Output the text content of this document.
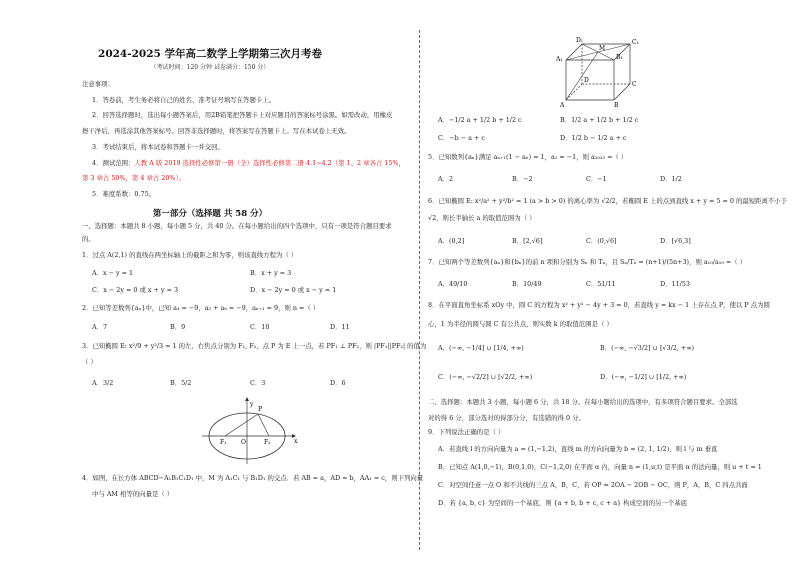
2024-2025 学年高二数学上学期第三次月考卷
（考试时间：120 分钟 试卷满分：150 分）
注意事项：
1．答卷前，考生务必将自己的姓名、准考证号填写在答题卡上。
2．回答选择题时，选出每小题答案后，用2B铅笔把答题卡上对应题目的答案标号涂黑。如需改动，用橡皮
擦干净后，再选涂其他答案标号。回答非选择题时，将答案写在答题卡上。写在本试卷上无效。
3．考试结束后，将本试卷和答题卡一并交回。
4．测试范围：人教 A 版 2019 选择性必修第一册（全）选择性必修第二册 4.1~4.2（第 1、2 章各占 15%，
第 3 章占 50%，第 4 章占 20%）。
5．难度系数：0.75。
第一部分（选择题 共 58 分）
一、选择题：本题共 8 小题，每小题 5 分，共 40 分。在每小题给出的四个选项中，只有一项是符合题目要求
的。
1．过点 A(2,1) 的直线在两坐标轴上的截距之和为零，则该直线方程为（ ）
A．x − y = 1	B．x + y = 3
C．x − 2y = 0 或 x + y = 3	D．x − 2y = 0 或 x − y = 1
2．已知等差数列{aₙ}中，已知 a₄ = −9，a₃ + a₈ = −9，aₙ₊₁ = 9，则 n =（ ）
A．7	B．9	C．10	D．11
3．已知椭圆 E: x²/9 + y²/3 = 1 的左、右焦点分别为 F₁, F₂，点 P 为 E 上一点，若 PF₁ ⊥ PF₂，则 |PF₁||PF₂| 的值为
（ ）
A．3/2	B．5/2	C．3	D．6
y
P
O
F₁	F₂	x
4．如图，在长方体 ABCD−A₁B₁C₁D₁ 中，M 为 A₁C₁ 与 B₁D₁ 的交点．若 AB = a，AD = b，AA₁ = c，则下列向量
中与 AM 相等的向量是（ ）
D₁	C₁
A₁	B₁
M
D
C
A	B
A．−1/2 a + 1/2 b + 1/2 c	B．1/2 a + 1/2 b + 1/2 c
C．−b − a + c	D．1/2 b − 1/2 a + c
5．已知数列{aₙ}满足 aₙ₊₁(1 − aₙ) = 1，a₁ = −1，则 a₂₀₂₅ =（ ）
A．2	B．−2	C．−1	D．1/2
6．已知椭圆 E: x²/a² + y²/b² = 1 (a > b > 0) 的离心率为 √2/2，若椭圆 E 上的点到直线 x + y = 5 = 0 的最短距离不小于
√2，则长半轴长 a 的取值范围为（ ）
A．(0,2]	B．[2,√6]	C．(0,√6]	D．[√6,3]
7．已知两个等差数列{aₙ}和{bₙ}的前 n 项和分别为 Sₙ 和 Tₙ，且 Sₙ/Tₙ = (n+1)/(5n+3)，则 a₁₀/a₁₀ =（ ）
A．49/10	B．10/49	C．51/11	D．11/53
8．在平面直角坐标系 xOy 中，圆 C 的方程为 x² + y² − 4y + 3 = 0，若直线 y = kx − 1 上存在点 P，使以 P 点为圆
心，1 为半径的圆与圆 C 有公共点，则实数 k 的取值范围是（ ）
A．(−∞, −1/4] ∪ [1/4, +∞)	B．(−∞, −√3/2] ∪ [√3/2, +∞)
C．(−∞, −√2/2] ∪ [√2/2, +∞)	D．(−∞, −1/2] ∪ [1/2, +∞)
二、选择题：本题共 3 小题，每小题 6 分，共 18 分。在每小题给出的选项中，有多项符合题目要求。全部选
对的得 6 分，部分选对的得部分分，有选错的得 0 分。
9．下列说法正确的是（ ）
A．若直线 l 的方向向量为 a = (1,−1,2)，直线 m 的方向向量为 b = (2, 1, 1/2)，则 l 与 m 垂直
B．已知点 A(1,0,−1)，B(0,1,0)，C(−1,2,0) 在平面 α 内，向量 n = (1,u,t) 是平面 α 的法向量，则 u + t = 1
C．对空间任意一点 O 和不共线的三点 A，B，C，若 OP = 2OA − 2OB − OC，则 P，A，B，C 四点共面
D．若 {a, b, c} 为空间的一个基底，则 {a + b, b + c, c + a} 构成空间的另一个基底
